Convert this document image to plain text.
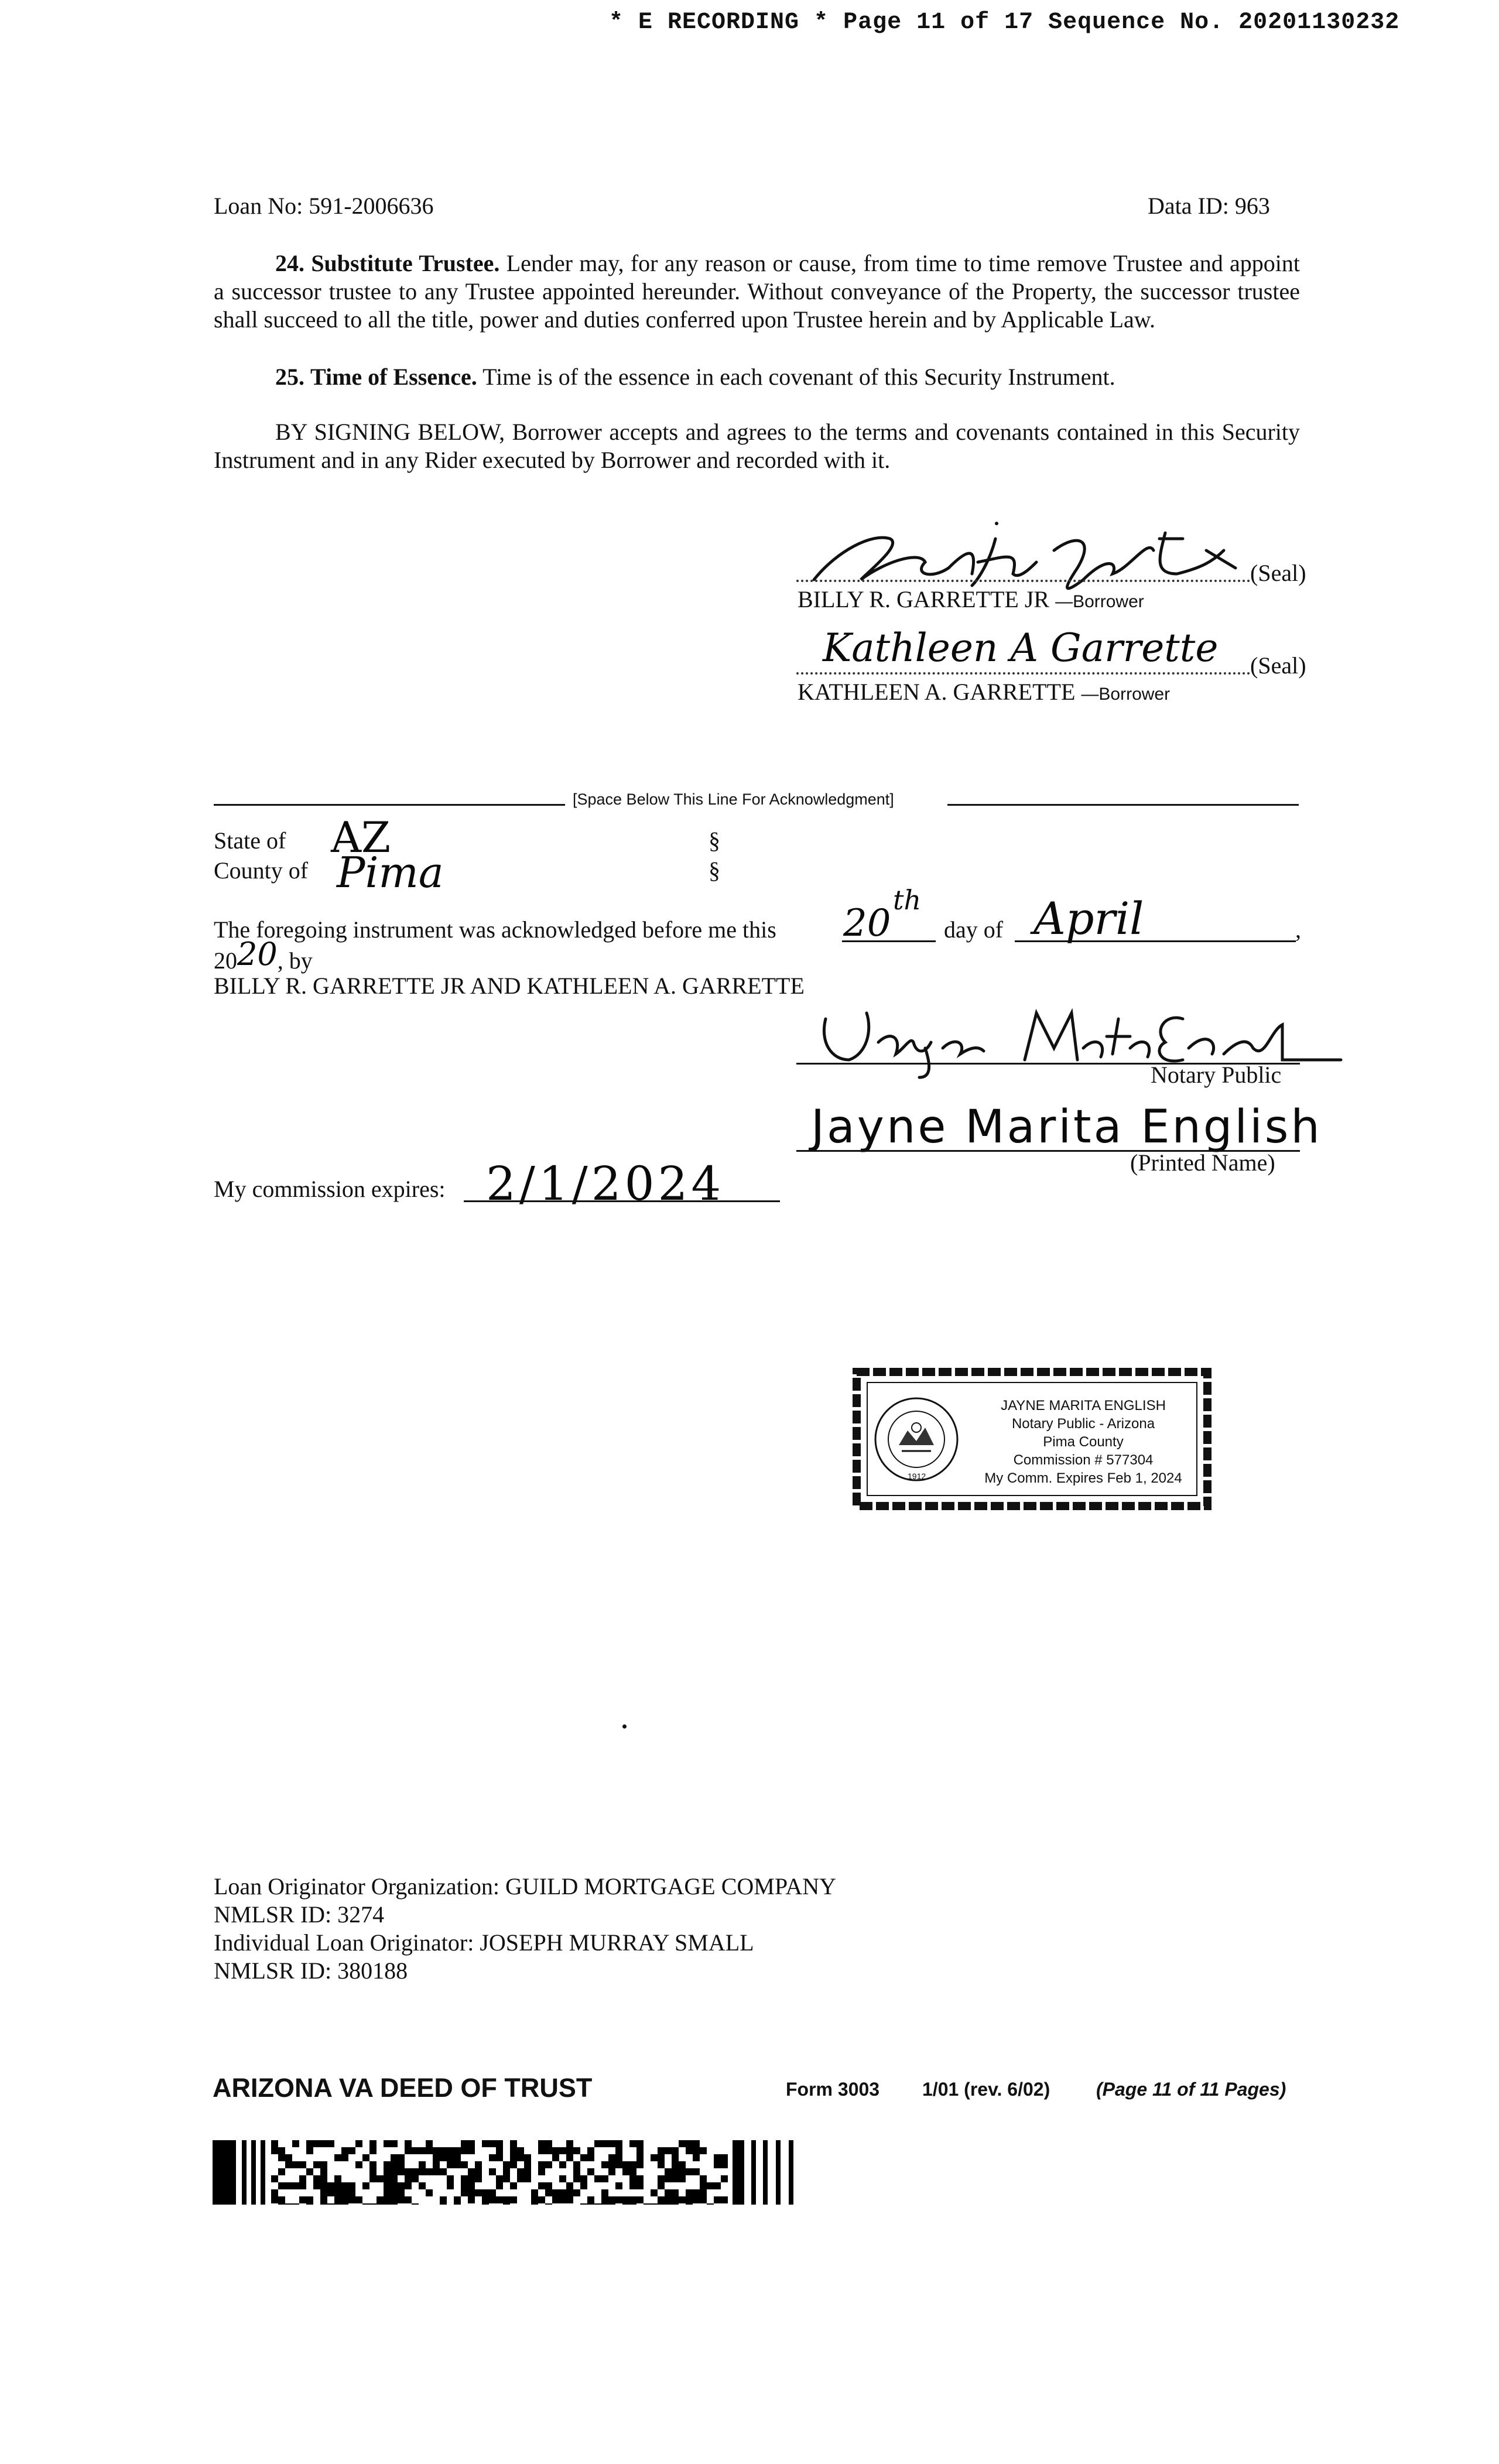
* E RECORDING * Page 11 of 17 Sequence No. 20201130232
Loan No: 591-2006636	Data ID: 963
24. Substitute Trustee. Lender may, for any reason or cause, from time to time remove Trustee and appoint a successor trustee to any Trustee appointed hereunder. Without conveyance of the Property, the successor trustee shall succeed to all the title, power and duties conferred upon Trustee herein and by Applicable Law.
25. Time of Essence. Time is of the essence in each covenant of this Security Instrument.
BY SIGNING BELOW, Borrower accepts and agrees to the terms and covenants contained in this Security Instrument and in any Rider executed by Borrower and recorded with it.
(Seal)
BILLY R. GARRETTE JR —Borrower
Kathleen A Garrette (Seal)
KATHLEEN A. GARRETTE —Borrower
[Space Below This Line For Acknowledgment]
State of AZ	§
County of Pima	§
The foregoing instrument was acknowledged before me this 20
th
day of April	,
2020, by
BILLY R. GARRETTE JR AND KATHLEEN A. GARRETTE
Notary Public
Jayne Marita English
(Printed Name)
My commission expires: 2/1/2024
1912
JAYNE MARITA ENGLISH
Notary Public - Arizona
Pima County
Commission # 577304
My Comm. Expires Feb 1, 2024
Loan Originator Organization: GUILD MORTGAGE COMPANY
NMLSR ID: 3274
Individual Loan Originator: JOSEPH MURRAY SMALL
NMLSR ID: 380188
ARIZONA VA DEED OF TRUST	Form 3003 1/01 (rev. 6/02) (Page 11 of 11 Pages)
